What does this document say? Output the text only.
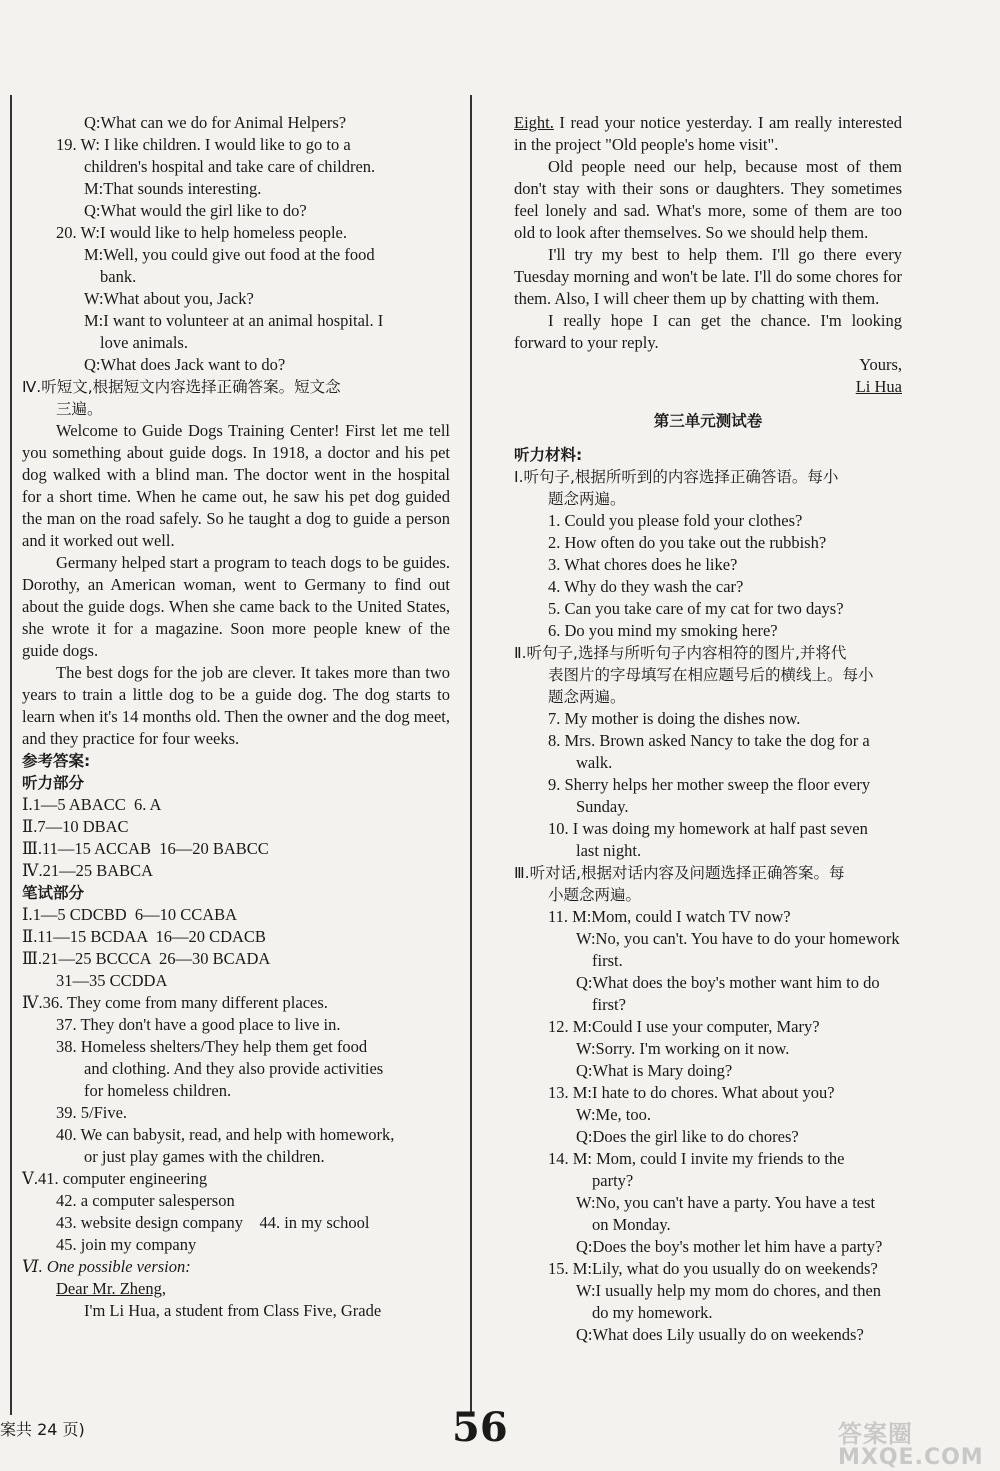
Q:What can we do for Animal Helpers?
19. W: I like children. I would like to go to a
children's hospital and take care of children.
M:That sounds interesting.
Q:What would the girl like to do?
20. W:I would like to help homeless people.
M:Well, you could give out food at the food
bank.
W:What about you, Jack?
M:I want to volunteer at an animal hospital. I
love animals.
Q:What does Jack want to do?
Ⅳ.听短文,根据短文内容选择正确答案。短文念
三遍。
Welcome to Guide Dogs Training Center! First let me tell you something about guide dogs. In 1918, a doctor and his pet dog walked with a blind man. The doctor went in the hospital for a short time. When he came out, he saw his pet dog guided the man on the road safely. So he taught a dog to guide a person and it worked out well.
Germany helped start a program to teach dogs to be guides. Dorothy, an American woman, went to Germany to find out about the guide dogs. When she came back to the United States, she wrote it for a magazine. Soon more people knew of the guide dogs.
The best dogs for the job are clever. It takes more than two years to train a little dog to be a guide dog. The dog starts to learn when it's 14 months old. Then the owner and the dog meet, and they practice for four weeks.
参考答案:
听力部分
Ⅰ.1—5 ABACC  6. A
Ⅱ.7—10 DBAC
Ⅲ.11—15 ACCAB  16—20 BABCC
Ⅳ.21—25 BABCA
笔试部分
Ⅰ.1—5 CDCBD  6—10 CCABA
Ⅱ.11—15 BCDAA  16—20 CDACB
Ⅲ.21—25 BCCCA  26—30 BCADA
31—35 CCDDA
Ⅳ.36. They come from many different places.
37. They don't have a good place to live in.
38. Homeless shelters/They help them get food
and clothing. And they also provide activities
for homeless children.
39. 5/Five.
40. We can babysit, read, and help with homework,
or just play games with the children.
Ⅴ.41. computer engineering
42. a computer salesperson
43. website design company    44. in my school
45. join my company
Ⅵ. One possible version:
Dear Mr. Zheng,
I'm Li Hua, a student from Class Five, Grade
Eight. I read your notice yesterday. I am really interested in the project "Old people's home visit".
Old people need our help, because most of them don't stay with their sons or daughters. They sometimes feel lonely and sad. What's more, some of them are too old to look after themselves. So we should help them.
I'll try my best to help them. I'll go there every Tuesday morning and won't be late. I'll do some chores for them. Also, I will cheer them up by chatting with them.
I really hope I can get the chance. I'm looking forward to your reply.
Yours,
Li Hua
第三单元测试卷
听力材料:
Ⅰ.听句子,根据所听到的内容选择正确答语。每小
题念两遍。
1. Could you please fold your clothes?
2. How often do you take out the rubbish?
3. What chores does he like?
4. Why do they wash the car?
5. Can you take care of my cat for two days?
6. Do you mind my smoking here?
Ⅱ.听句子,选择与所听句子内容相符的图片,并将代
表图片的字母填写在相应题号后的横线上。每小
题念两遍。
7. My mother is doing the dishes now.
8. Mrs. Brown asked Nancy to take the dog for a
walk.
9. Sherry helps her mother sweep the floor every
Sunday.
10. I was doing my homework at half past seven
last night.
Ⅲ.听对话,根据对话内容及问题选择正确答案。每
小题念两遍。
11. M:Mom, could I watch TV now?
W:No, you can't. You have to do your homework
first.
Q:What does the boy's mother want him to do
first?
12. M:Could I use your computer, Mary?
W:Sorry. I'm working on it now.
Q:What is Mary doing?
13. M:I hate to do chores. What about you?
W:Me, too.
Q:Does the girl like to do chores?
14. M: Mom, could I invite my friends to the
party?
W:No, you can't have a party. You have a test
on Monday.
Q:Does the boy's mother let him have a party?
15. M:Lily, what do you usually do on weekends?
W:I usually help my mom do chores, and then
do my homework.
Q:What does Lily usually do on weekends?
案共 24 页)	56	答案圈
MXQE.COM
